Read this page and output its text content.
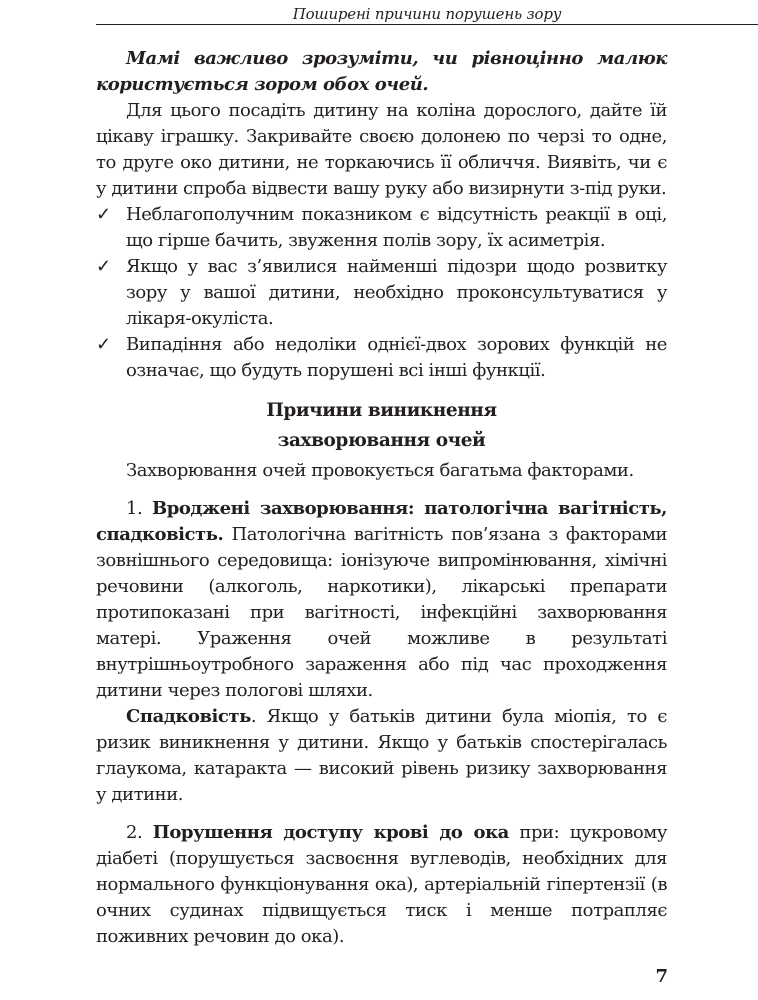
Поширені причини порушень зору

Мамі важливо зрозуміти, чи рівноцінно малюк користується зором обох очей.

Для цього посадіть дитину на коліна дорослого, дайте їй цікаву іграшку. Закривайте своєю долонею по черзі то одне, то друге око дитини, не торкаючись її обличчя. Виявіть, чи є у дитини спроба відвести вашу руку або визирнути з-під руки.

✓ Неблагополучним показником є відсутність реакції в оці, що гірше бачить, звуження полів зору, їх асиметрія.
✓ Якщо у вас з’явилися найменші підозри щодо розвитку зору у вашої дитини, необхідно проконсультуватися у лікаря-окуліста.
✓ Випадіння або недоліки однієї-двох зорових функцій не означає, що будуть порушені всі інші функції.
Причини виникнення
захворювання очей

Захворювання очей провокується багатьма факторами.

1. Вроджені захворювання: патологічна вагітність, спадковість. Патологічна вагітність пов’язана з факторами зовнішнього середовища: іонізуюче випромінювання, хімічні речовини (алкоголь, наркотики), лікарські препарати протипоказані при вагітності, інфекційні захворювання матері. Ураження очей можливе в результаті внутрішньоутробного зараження або під час проходження дитини через пологові шляхи.

Спадковість. Якщо у батьків дитини була міопія, то є ризик виникнення у дитини. Якщо у батьків спостерігалась глаукома, катаракта — високий рівень ризику захворювання у дитини.

2. Порушення доступу крові до ока при: цукровому діабеті (порушується засвоєння вуглеводів, необхідних для нормального функціонування ока), артеріальній гіпертензії (в очних судинах підвищується тиск і менше потрапляє поживних речовин до ока).

7
